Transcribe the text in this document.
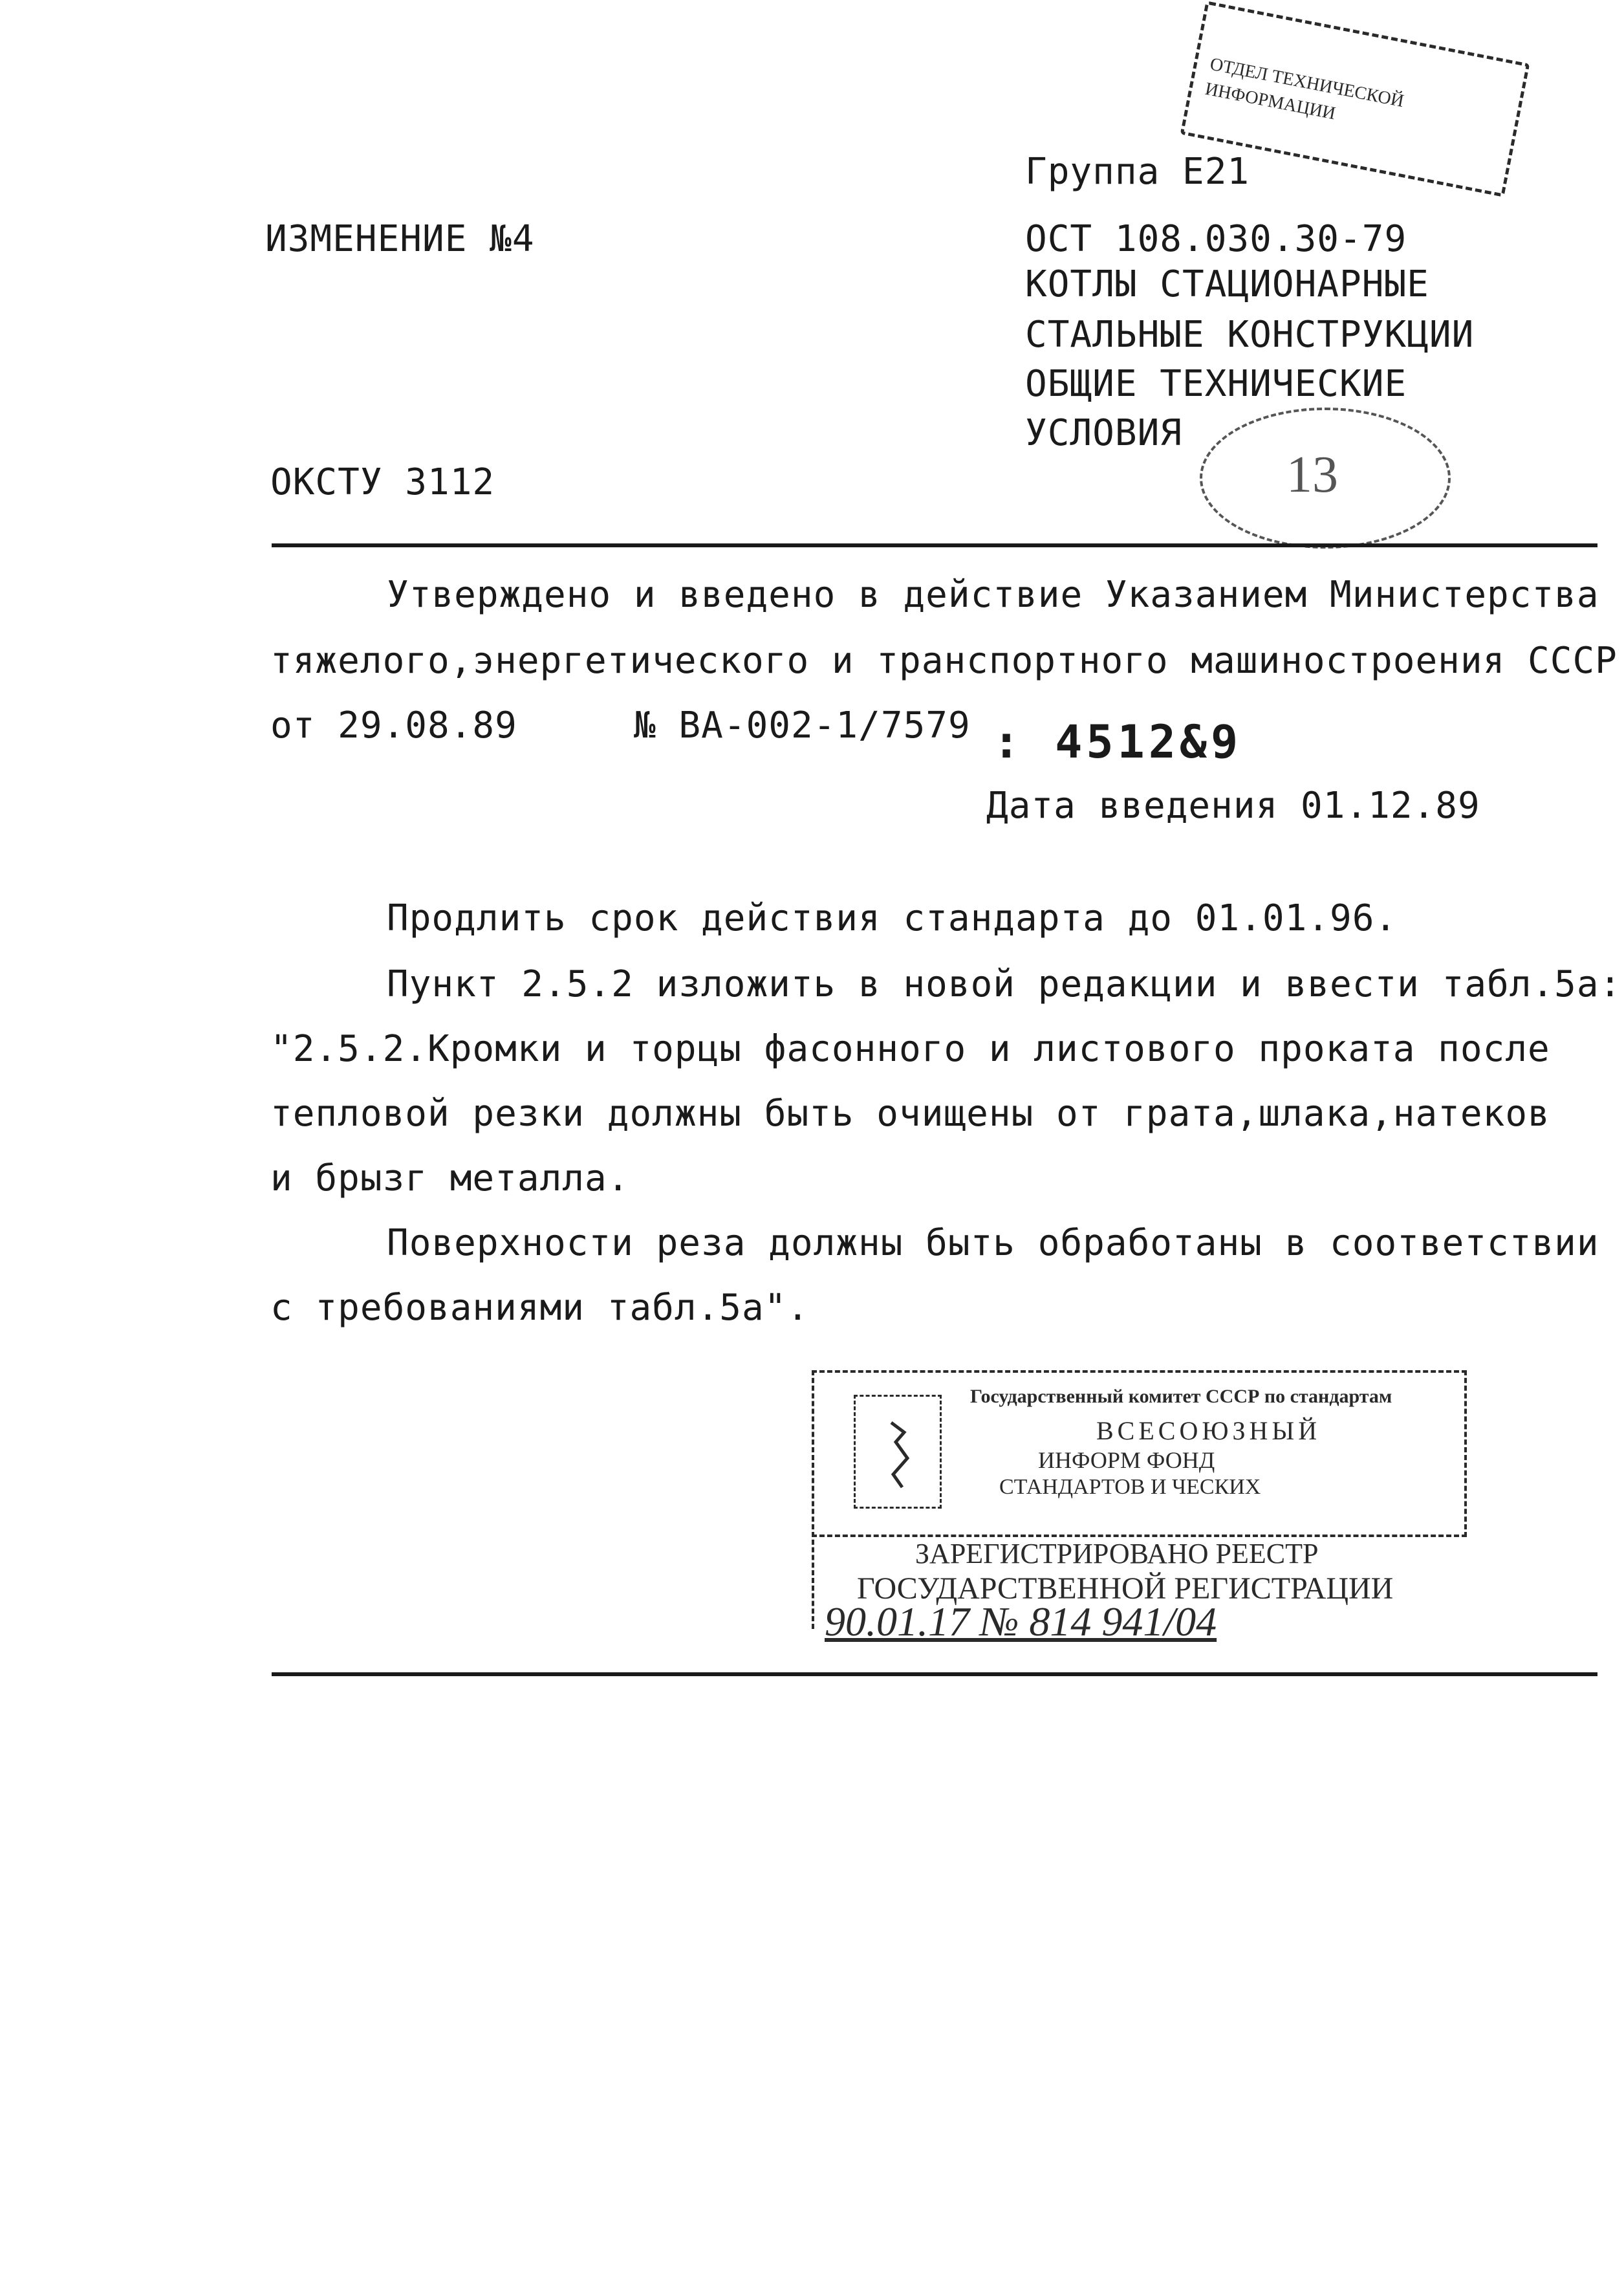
ИЗМЕНЕНИЕ №4
ОКСТУ 3112
Группа Е21
ОСТ 108.030.30-79
КОТЛЫ СТАЦИОНАРНЫЕ
СТАЛЬНЫЕ КОНСТРУКЦИИ
ОБЩИЕ ТЕХНИЧЕСКИЕ
УСЛОВИЯ
ОТДЕЛ ТЕХНИЧЕСКОЙ ИНФОРМАЦИИ
13
Утверждено и введено в действие Указанием Министерства
тяжелого,энергетического и транспортного машиностроения СССР
от 29.08.89	№ ВА-002-1/7579 : 4512&9
Дата введения 01.12.89
Продлить срок действия стандарта до 01.01.96.
Пункт 2.5.2 изложить в новой редакции и ввести табл.5а:
"2.5.2.Кромки и торцы фасонного и листового проката после
тепловой резки должны быть очищены от грата,шлака,натеков
и брызг металла.
Поверхности реза должны быть обработаны в соответствии
с требованиями табл.5а".
Государственный комитет СССР по стандартам
ВСЕСОЮЗНЫЙ
ИНФОРМ ФОНД
СТАНДАРТОВ И ЧЕСКИХ
ЗАРЕГИСТРИРОВАНО РЕЕСТР
ГОСУДАРСТВЕННОЙ РЕГИСТРАЦИИ
90.01.17 № 814 941/04
